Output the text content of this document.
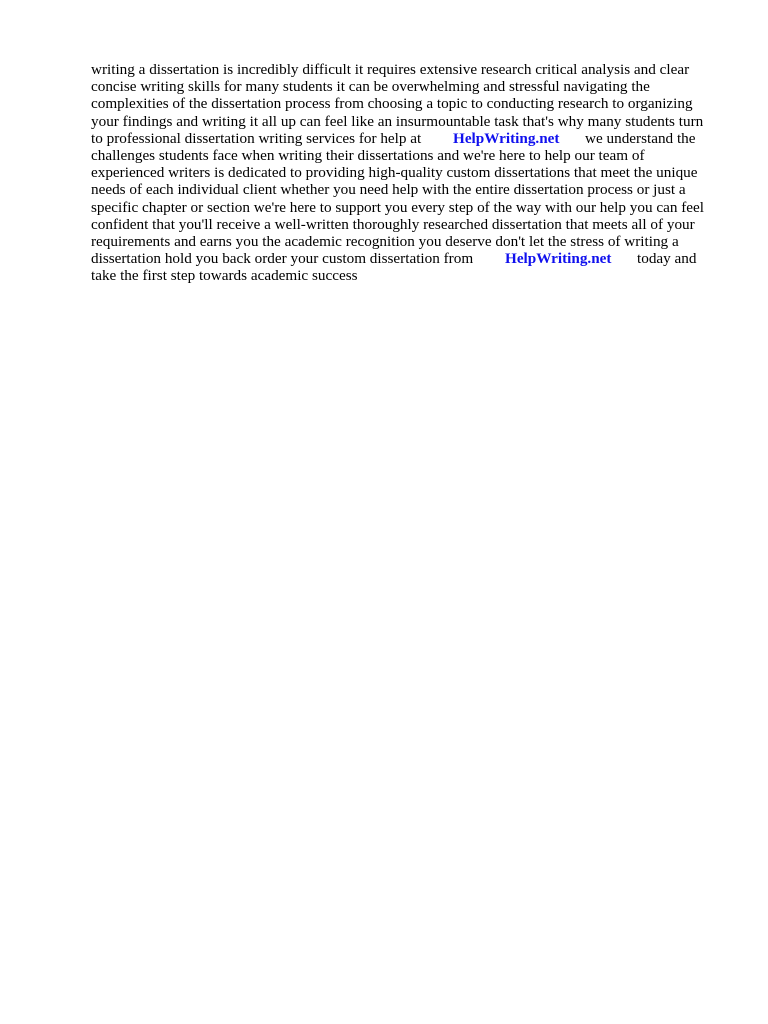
writing a dissertation is incredibly difficult it requires extensive research critical analysis and clear
concise writing skills for many students it can be overwhelming and stressful navigating the
complexities of the dissertation process from choosing a topic to conducting research to organizing
your findings and writing it all up can feel like an insurmountable task that's why many students turn
to professional dissertation writing services for help at HelpWriting.net we understand the
challenges students face when writing their dissertations and we're here to help our team of
experienced writers is dedicated to providing high-quality custom dissertations that meet the unique
needs of each individual client whether you need help with the entire dissertation process or just a
specific chapter or section we're here to support you every step of the way with our help you can feel
confident that you'll receive a well-written thoroughly researched dissertation that meets all of your
requirements and earns you the academic recognition you deserve don't let the stress of writing a
dissertation hold you back order your custom dissertation from HelpWriting.net today and
take the first step towards academic success
